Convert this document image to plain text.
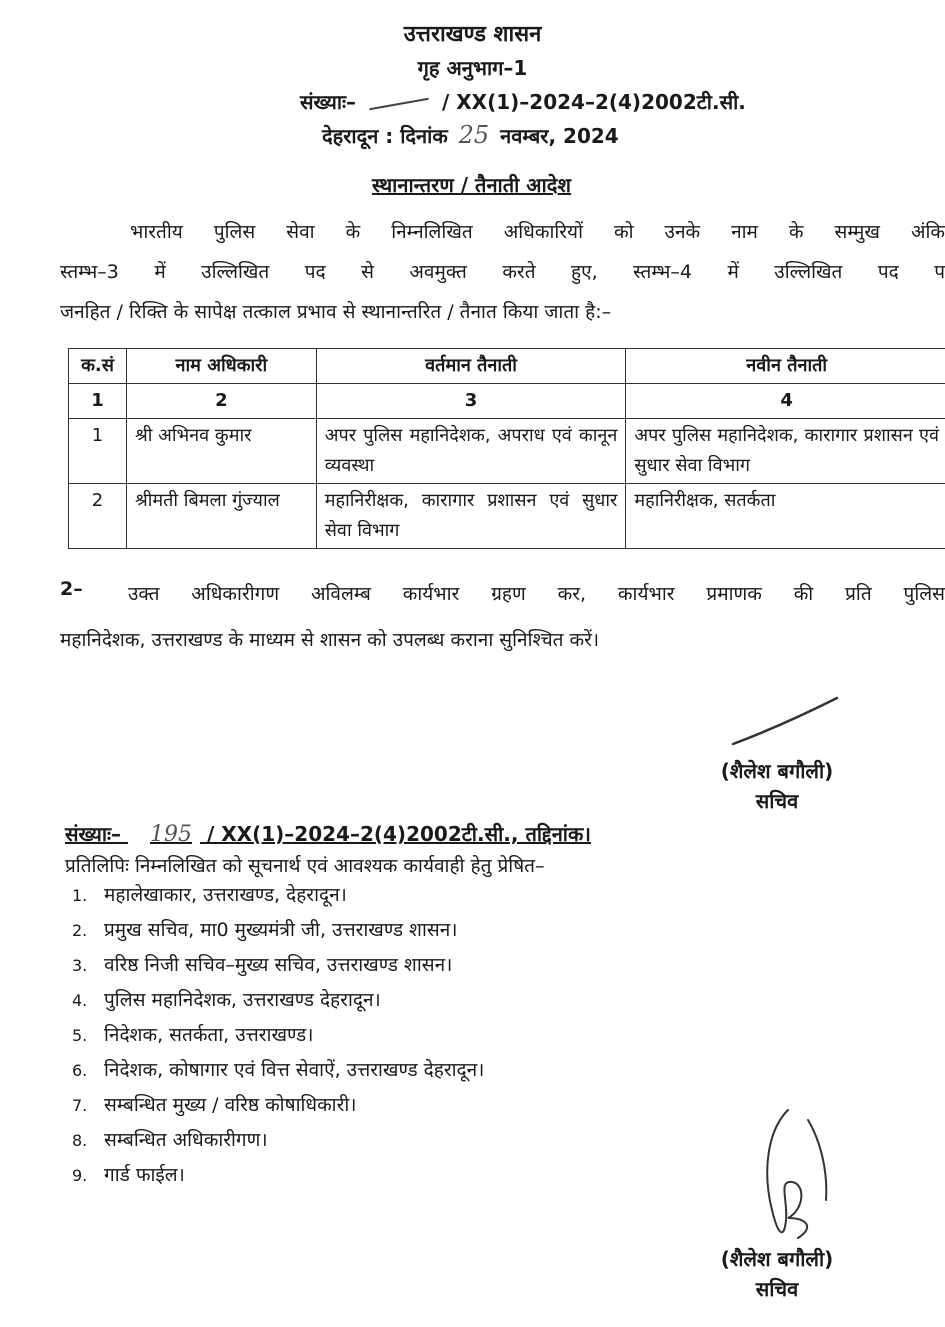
उत्तराखण्ड शासन
गृह अनुभाग–1
संख्याः–	/ XX(1)–2024–2(4)2002टी.सी.
देहरादून : दिनांक 25 नवम्बर, 2024
स्थानान्तरण / तैनाती आदेश

भारतीय पुलिस सेवा के निम्नलिखित अधिकारियों को उनके नाम के सम्मुख अंकि

स्तम्भ–3 में उल्लिखित पद से अवमुक्त करते हुए, स्तम्भ–4 में उल्लिखित पद प

जनहित / रिक्ति के सापेक्ष तत्काल प्रभाव से स्थानान्तरित / तैनात किया जाता है:–

क.सं	नाम अधिकारी	वर्तमान तैनाती	नवीन तैनाती
1	2	3	4
1	श्री अभिनव कुमार	अपर पुलिस महानिदेशक, अपराध एवं कानून व्यवस्था	अपर पुलिस महानिदेशक, कारागार प्रशासन एवं सुधार सेवा विभाग
2	श्रीमती बिमला गुंज्याल	महानिरीक्षक, कारागार प्रशासन एवं सुधार सेवा विभाग	महानिरीक्षक, सतर्कता
2– उक्त अधिकारीगण अविलम्ब कार्यभार ग्रहण कर, कार्यभार प्रमाणक की प्रति पुलिस

महानिदेशक, उत्तराखण्ड के माध्यम से शासन को उपलब्ध कराना सुनिश्चित करें।

(शैलेश बगौली)
सचिव
संख्याः– 195 / XX(1)–2024–2(4)2002टी.सी., तद्दिनांक।
प्रतिलिपिः निम्नलिखित को सूचनार्थ एवं आवश्यक कार्यवाही हेतु प्रेषित–
1. महालेखाकार, उत्तराखण्ड, देहरादून।
2. प्रमुख सचिव, मा0 मुख्यमंत्री जी, उत्तराखण्ड शासन।
3. वरिष्ठ निजी सचिव–मुख्य सचिव, उत्तराखण्ड शासन।
4. पुलिस महानिदेशक, उत्तराखण्ड देहरादून।
5. निदेशक, सतर्कता, उत्तराखण्ड।
6. निदेशक, कोषागार एवं वित्त सेवाऐं, उत्तराखण्ड देहरादून।
7. सम्बन्धित मुख्य / वरिष्ठ कोषाधिकारी।
8. सम्बन्धित अधिकारीगण।
9. गार्ड फाईल।
(शैलेश बगौली)
सचिव
